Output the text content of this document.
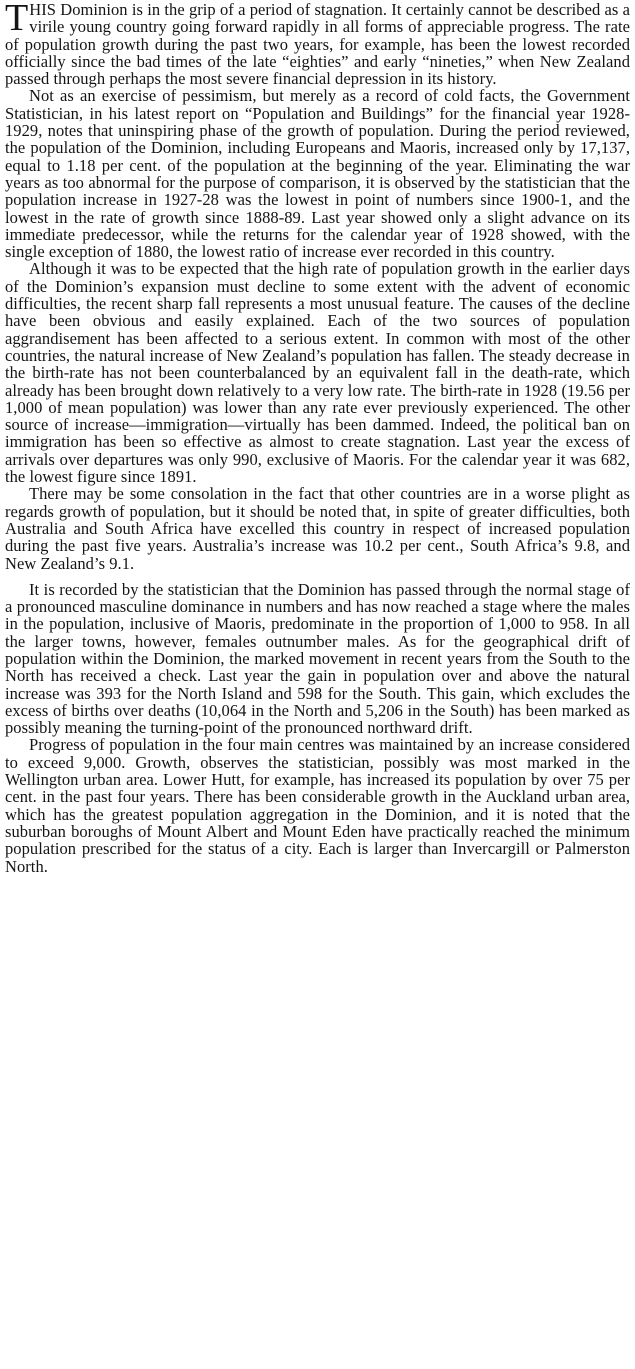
THIS Dominion is in the grip of a period of stagnation. It certainly cannot be described as a virile young country going forward rapidly in all forms of appreciable progress. The rate of population growth during the past two years, for example, has been the lowest recorded officially since the bad times of the late “eighties” and early “nineties,” when New Zealand passed through perhaps the most severe financial depression in its history.

Not as an exercise of pessimism, but merely as a record of cold facts, the Government Statistician, in his latest report on “Population and Buildings” for the financial year 1928-1929, notes that uninspiring phase of the growth of population. During the period reviewed, the population of the Dominion, including Europeans and Maoris, increased only by 17,137, equal to 1.18 per cent. of the population at the beginning of the year. Eliminating the war years as too abnormal for the purpose of comparison, it is observed by the statistician that the population increase in 1927-28 was the lowest in point of numbers since 1900-1, and the lowest in the rate of growth since 1888-89. Last year showed only a slight advance on its immediate predecessor, while the returns for the calendar year of 1928 showed, with the single exception of 1880, the lowest ratio of increase ever recorded in this country.

Although it was to be expected that the high rate of population growth in the earlier days of the Dominion’s expansion must decline to some extent with the advent of economic difficulties, the recent sharp fall represents a most unusual feature. The causes of the decline have been obvious and easily explained. Each of the two sources of population aggrandisement has been affected to a serious extent. In common with most of the other countries, the natural increase of New Zealand’s population has fallen. The steady decrease in the birth-rate has not been counterbalanced by an equivalent fall in the death-rate, which already has been brought down relatively to a very low rate. The birth-rate in 1928 (19.56 per 1,000 of mean population) was lower than any rate ever previously experienced. The other source of increase—immigration—virtually has been dammed. Indeed, the political ban on immigration has been so effective as almost to create stagnation. Last year the excess of arrivals over departures was only 990, exclusive of Maoris. For the calendar year it was 682, the lowest figure since 1891.

There may be some consolation in the fact that other countries are in a worse plight as regards growth of population, but it should be noted that, in spite of greater difficulties, both Australia and South Africa have excelled this country in respect of increased population during the past five years. Australia’s increase was 10.2 per cent., South Africa’s 9.8, and New Zealand’s 9.1.

It is recorded by the statistician that the Dominion has passed through the normal stage of a pronounced masculine dominance in numbers and has now reached a stage where the males in the population, inclusive of Maoris, predominate in the proportion of 1,000 to 958. In all the larger towns, however, females outnumber males. As for the geographical drift of population within the Dominion, the marked movement in recent years from the South to the North has received a check. Last year the gain in population over and above the natural increase was 393 for the North Island and 598 for the South. This gain, which excludes the excess of births over deaths (10,064 in the North and 5,206 in the South) has been marked as possibly meaning the turning-point of the pronounced northward drift.

Progress of population in the four main centres was maintained by an increase considered to exceed 9,000. Growth, observes the statistician, possibly was most marked in the Wellington urban area. Lower Hutt, for example, has increased its population by over 75 per cent. in the past four years. There has been considerable growth in the Auckland urban area, which has the greatest population aggregation in the Dominion, and it is noted that the suburban boroughs of Mount Albert and Mount Eden have practically reached the minimum population prescribed for the status of a city. Each is larger than Invercargill or Palmerston North.
